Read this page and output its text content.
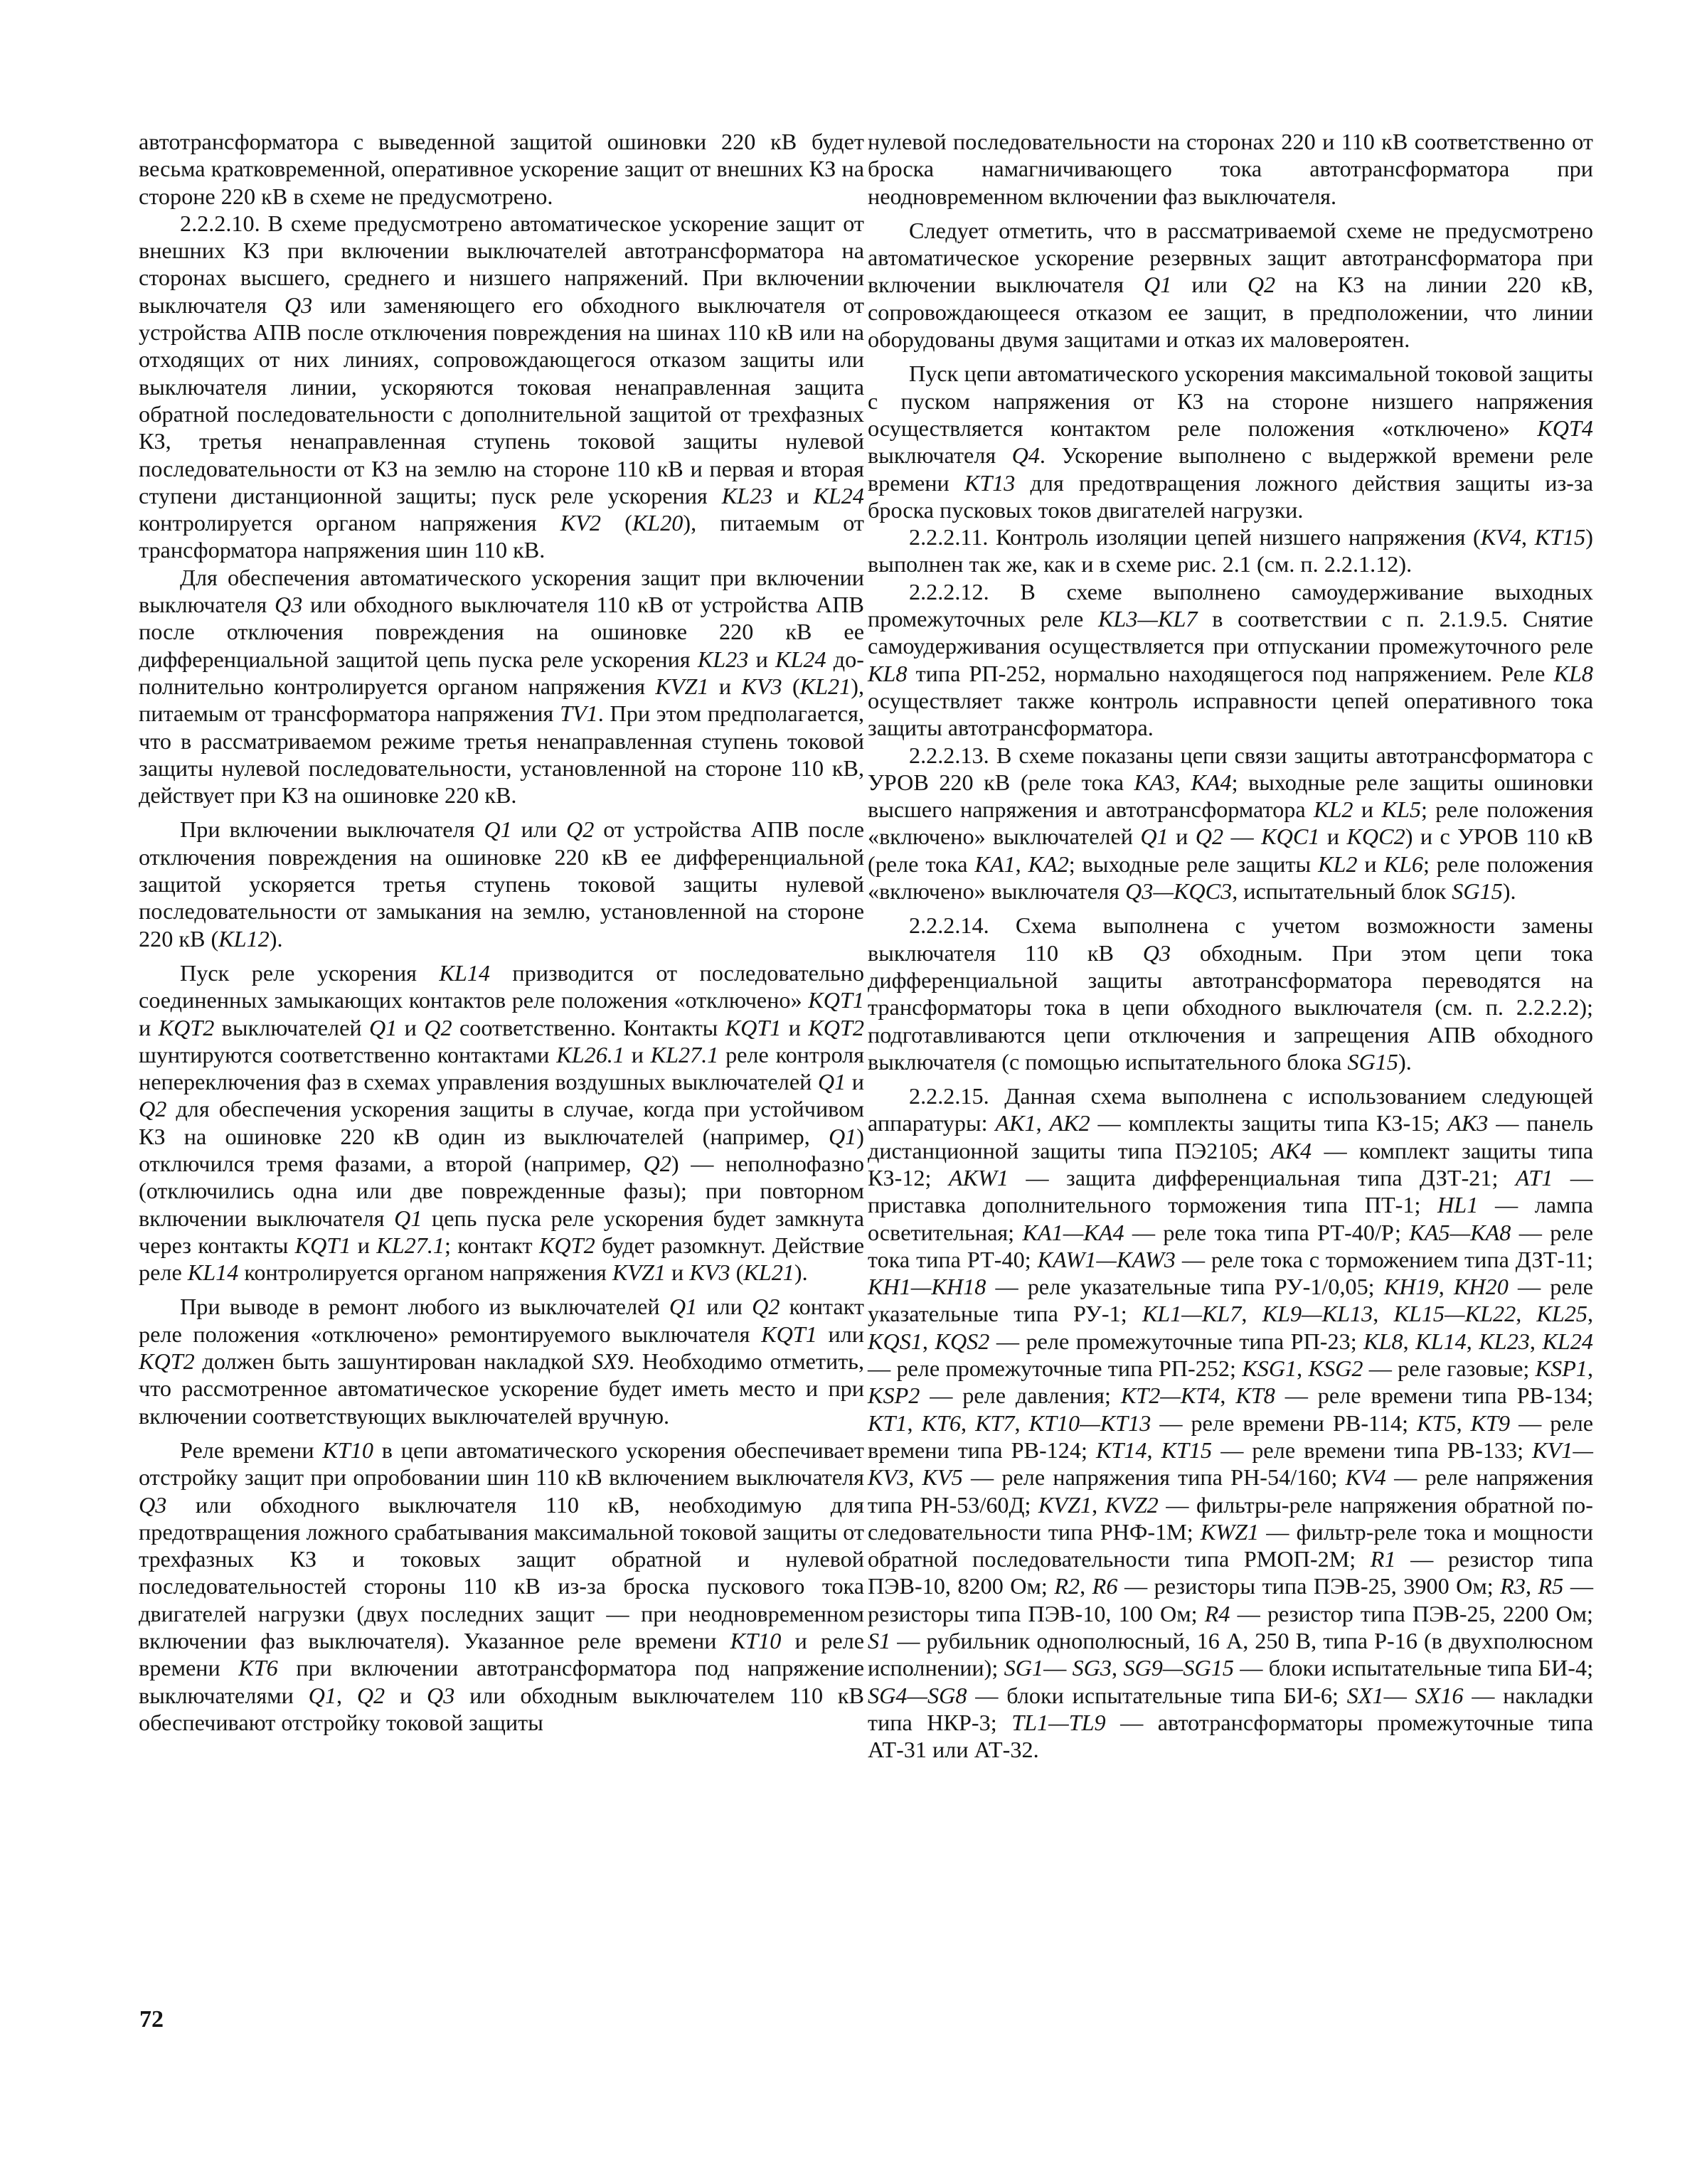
автотрансформатора с выведенной защитой ошиновки 220 кВ будет весьма кратковременной, оперативное ускорение защит от внешних КЗ на стороне 220 кВ в схеме не предусмотрено.

2.2.2.10. В схеме предусмотрено автоматическое ускорение защит от внешних КЗ при включении выключателей автотрансформатора на сторонах высшего, среднего и низшего напряжений. При включении выключателя Q3 или заменяющего его обходного выключателя от устройства АПВ после отключения повреждения на шинах 110 кВ или на отходящих от них линиях, сопровождающегося отказом защиты или выключателя линии, ускоряются токовая ненаправленная защита обратной последовательности с дополнительной защитой от трехфазных КЗ, третья ненаправленная ступень токовой защиты нулевой последовательности от КЗ на землю на стороне 110 кВ и первая и вторая ступени дистанционной защиты; пуск реле ускорения KL23 и KL24 контролируется органом напряжения KV2 (KL20), питаемым от трансформатора напряжения шин 110 кВ.

Для обеспечения автоматического ускорения защит при включении выключателя Q3 или обходного выключателя 110 кВ от устройства АПВ после отключения повреждения на ошиновке 220 кВ ее дифференциальной защитой цепь пуска реле ускорения KL23 и KL24 дополнительно контролируется органом напряжения KVZ1 и KV3 (KL21), питаемым от трансформатора напряжения TV1. При этом предполагается, что в рассматриваемом режиме третья ненаправленная ступень токовой защиты нулевой последовательности, установленной на стороне 110 кВ, действует при КЗ на ошиновке 220 кВ.

При включении выключателя Q1 или Q2 от устройства АПВ после отключения повреждения на ошиновке 220 кВ ее дифференциальной защитой ускоряется третья ступень токовой защиты нулевой последовательности от замыкания на землю, установленной на стороне 220 кВ (KL12).

Пуск реле ускорения KL14 призводится от последовательно соединенных замыкающих контактов реле положения «отключено» KQT1 и KQT2 выключателей Q1 и Q2 соответственно. Контакты KQT1 и KQT2 шунтируются соответственно контактами KL26.1 и KL27.1 реле контроля непереключения фаз в схемах управления воздушных выключателей Q1 и Q2 для обеспечения ускорения защиты в случае, когда при устойчивом КЗ на ошиновке 220 кВ один из выключателей (например, Q1) отключился тремя фазами, а второй (например, Q2) — неполнофазно (отключились одна или две поврежденные фазы); при повторном включении выключателя Q1 цепь пуска реле ускорения будет замкнута через контакты KQT1 и KL27.1; контакт KQT2 будет разомкнут. Действие реле KL14 контролируется органом напряжения KVZ1 и KV3 (KL21).

При выводе в ремонт любого из выключателей Q1 или Q2 контакт реле положения «отключено» ремонтируемого выключателя KQT1 или KQT2 должен быть зашунтирован накладкой SX9. Необходимо отметить, что рассмотренное автоматическое ускорение будет иметь место и при включении соответствующих выключателей вручную.

Реле времени KT10 в цепи автоматического ускорения обеспечивает отстройку защит при опробовании шин 110 кВ включением выключателя Q3 или обходного выключателя 110 кВ, необходимую для предотвращения ложного срабатывания максимальной токовой защиты от трехфазных КЗ и токовых защит обратной и нулевой последовательностей стороны 110 кВ из-за броска пускового тока двигателей нагрузки (двух последних защит — при неодновременном включении фаз выключателя). Указанное реле времени KT10 и реле времени KT6 при включении автотрансформатора под напряжение выключателями Q1, Q2 и Q3 или обходным выключателем 110 кВ обеспечивают отстройку токовой защиты

нулевой последовательности на сторонах 220 и 110 кВ соответственно от броска намагничивающего тока автотрансформатора при неодновременном включении фаз выключателя.

Следует отметить, что в рассматриваемой схеме не предусмотрено автоматическое ускорение резервных защит автотрансформатора при включении выключателя Q1 или Q2 на КЗ на линии 220 кВ, сопровождающееся отказом ее защит, в предположении, что линии оборудованы двумя защитами и отказ их маловероятен.

Пуск цепи автоматического ускорения максимальной токовой защиты с пуском напряжения от КЗ на стороне низшего напряжения осуществляется контактом реле положения «отключено» KQT4 выключателя Q4. Ускорение выполнено с выдержкой времени реле времени KT13 для предотвращения ложного действия защиты из-за броска пусковых токов двигателей нагрузки.

2.2.2.11. Контроль изоляции цепей низшего напряжения (KV4, KT15) выполнен так же, как и в схеме рис. 2.1 (см. п. 2.2.1.12).

2.2.2.12. В схеме выполнено самоудерживание выходных промежуточных реле KL3—KL7 в соответствии с п. 2.1.9.5. Снятие самоудерживания осуществляется при отпускании промежуточного реле KL8 типа РП-252, нормально находящегося под напряжением. Реле KL8 осуществляет также контроль исправности цепей оперативного тока защиты автотрансформатора.

2.2.2.13. В схеме показаны цепи связи защиты автотрансформатора с УРОВ 220 кВ (реле тока KA3, KA4; выходные реле защиты ошиновки высшего напряжения и автотрансформатора KL2 и KL5; реле положения «включено» выключателей Q1 и Q2 — KQC1 и KQC2) и с УРОВ 110 кВ (реле тока KA1, KA2; выходные реле защиты KL2 и KL6; реле положения «включено» выключателя Q3—KQC3, испытательный блок SG15).

2.2.2.14. Схема выполнена с учетом возможности замены выключателя 110 кВ Q3 обходным. При этом цепи тока дифференциальной защиты автотрансформатора переводятся на трансформаторы тока в цепи обходного выключателя (см. п. 2.2.2.2); подготавливаются цепи отключения и запрещения АПВ обходного выключателя (с помощью испытательного блока SG15).

2.2.2.15. Данная схема выполнена с использованием следующей аппаратуры: AK1, AK2 — комплекты защиты типа КЗ-15; AK3 — панель дистанционной защиты типа ПЭ2105; AK4 — комплект защиты типа КЗ-12; AKW1 — защита дифференциальная типа ДЗТ-21; AT1 — приставка дополнительного торможения типа ПТ-1; HL1 — лампа осветительная; KA1—KA4 — реле тока типа РТ-40/Р; KA5—KA8 — реле тока типа РТ-40; KAW1—KAW3 — реле тока с торможением типа ДЗТ-11; KH1—KH18 — реле указательные типа РУ-1/0,05; KH19, KH20 — реле указательные типа РУ-1; KL1—KL7, KL9—KL13, KL15—KL22, KL25, KQS1, KQS2 — реле промежуточные типа РП-23; KL8, KL14, KL23, KL24 — реле промежуточные типа РП-252; KSG1, KSG2 — реле газовые; KSP1, KSP2 — реле давления; KT2—KT4, KT8 — реле времени типа РВ-134; KT1, KT6, KT7, KT10—KT13 — реле времени РВ-114; KT5, KT9 — реле времени типа РВ-124; KT14, KT15 — реле времени типа РВ-133; KV1—KV3, KV5 — реле напряжения типа РН-54/160; KV4 — реле напряжения типа РН-53/60Д; KVZ1, KVZ2 — фильтры-реле напряжения обратной последовательности типа РНФ-1М; KWZ1 — фильтр-реле тока и мощности обратной последовательности типа РМОП-2М; R1 — резистор типа ПЭВ-10, 8200 Ом; R2, R6 — резисторы типа ПЭВ-25, 3900 Ом; R3, R5 — резисторы типа ПЭВ-10, 100 Ом; R4 — резистор типа ПЭВ-25, 2200 Ом; S1 — рубильник однополюсный, 16 А, 250 В, типа Р-16 (в двухполюсном исполнении); SG1— SG3, SG9—SG15 — блоки испытательные типа БИ-4; SG4—SG8 — блоки испытательные типа БИ-6; SX1— SX16 — накладки типа НКР-3; TL1—TL9 — автотрансформаторы промежуточные типа АТ-31 или АТ-32.

72
